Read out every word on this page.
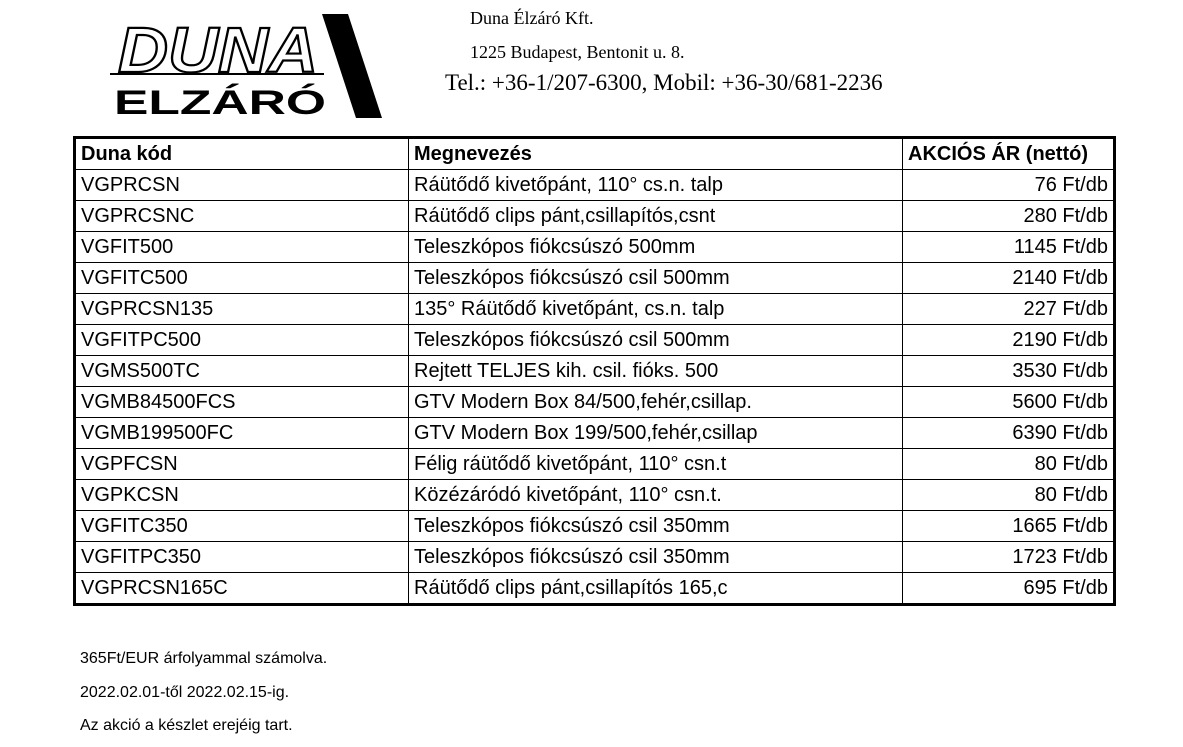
DUNA
ELZÁRÓ
Duna Élzáró Kft.
1225 Budapest, Bentonit u. 8.
Tel.: +36-1/207-6300, Mobil: +36-30/681-2236
Duna kód	Megnevezés	AKCIÓS ÁR (nettó)
VGPRCSN	Ráütődő kivetőpánt, 110° cs.n. talp	76 Ft/db
VGPRCSNC	Ráütődő clips pánt,csillapítós,csnt	280 Ft/db
VGFIT500	Teleszkópos fiókcsúszó 500mm	1145 Ft/db
VGFITC500	Teleszkópos fiókcsúszó csil 500mm	2140 Ft/db
VGPRCSN135	135° Ráütődő kivetőpánt, cs.n. talp	227 Ft/db
VGFITPC500	Teleszkópos fiókcsúszó csil 500mm	2190 Ft/db
VGMS500TC	Rejtett TELJES kih. csil. fióks. 500	3530 Ft/db
VGMB84500FCS	GTV Modern Box 84/500,fehér,csillap.	5600 Ft/db
VGMB199500FC	GTV Modern Box 199/500,fehér,csillap	6390 Ft/db
VGPFCSN	Félig ráütődő kivetőpánt, 110° csn.t	80 Ft/db
VGPKCSN	Közézáródó kivetőpánt, 110° csn.t.	80 Ft/db
VGFITC350	Teleszkópos fiókcsúszó csil 350mm	1665 Ft/db
VGFITPC350	Teleszkópos fiókcsúszó csil 350mm	1723 Ft/db
VGPRCSN165C	Ráütődő clips pánt,csillapítós 165,c	695 Ft/db
365Ft/EUR árfolyammal számolva.
2022.02.01-től 2022.02.15-ig.
Az akció a készlet erejéig tart.
